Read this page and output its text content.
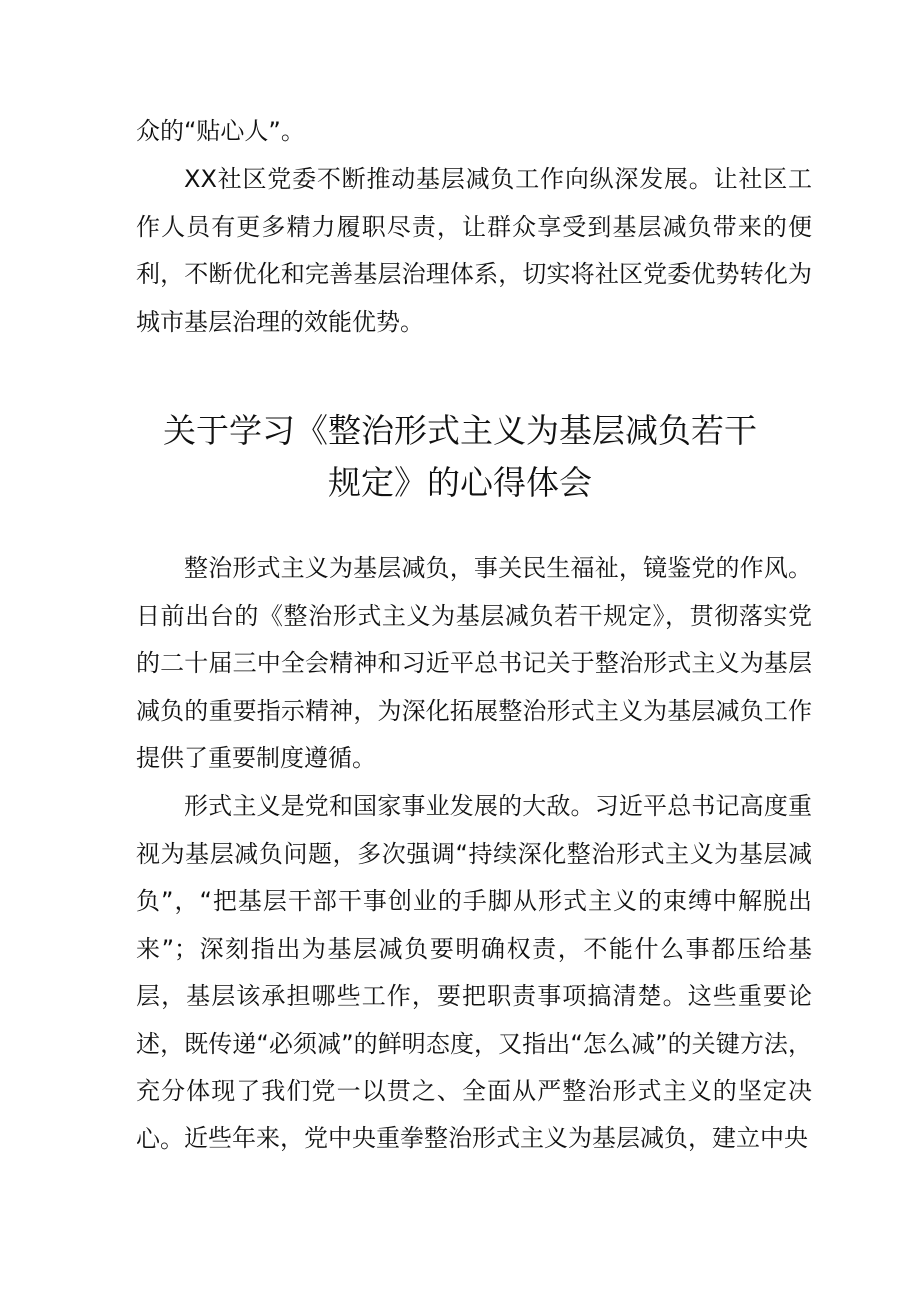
众的“贴心人”。

XX社区党委不断推动基层减负工作向纵深发展。让社区工作人员有更多精力履职尽责，让群众享受到基层减负带来的便利，不断优化和完善基层治理体系，切实将社区党委优势转化为城市基层治理的效能优势。

关于学习《整治形式主义为基层减负若干
规定》的心得体会

整治形式主义为基层减负，事关民生福祉，镜鉴党的作风。日前出台的《整治形式主义为基层减负若干规定》，贯彻落实党的二十届三中全会精神和习近平总书记关于整治形式主义为基层减负的重要指示精神，为深化拓展整治形式主义为基层减负工作提供了重要制度遵循。

形式主义是党和国家事业发展的大敌。习近平总书记高度重视为基层减负问题，多次强调“持续深化整治形式主义为基层减负”，“把基层干部干事创业的手脚从形式主义的束缚中解脱出来”；深刻指出为基层减负要明确权责，不能什么事都压给基层，基层该承担哪些工作，要把职责事项搞清楚。这些重要论述，既传递“必须减”的鲜明态度，又指出“怎么减”的关键方法，充分体现了我们党一以贯之、全面从严整治形式主义的坚定决心。 近些年来，党中央重拳整治形式主义为基层减负，建立中央
